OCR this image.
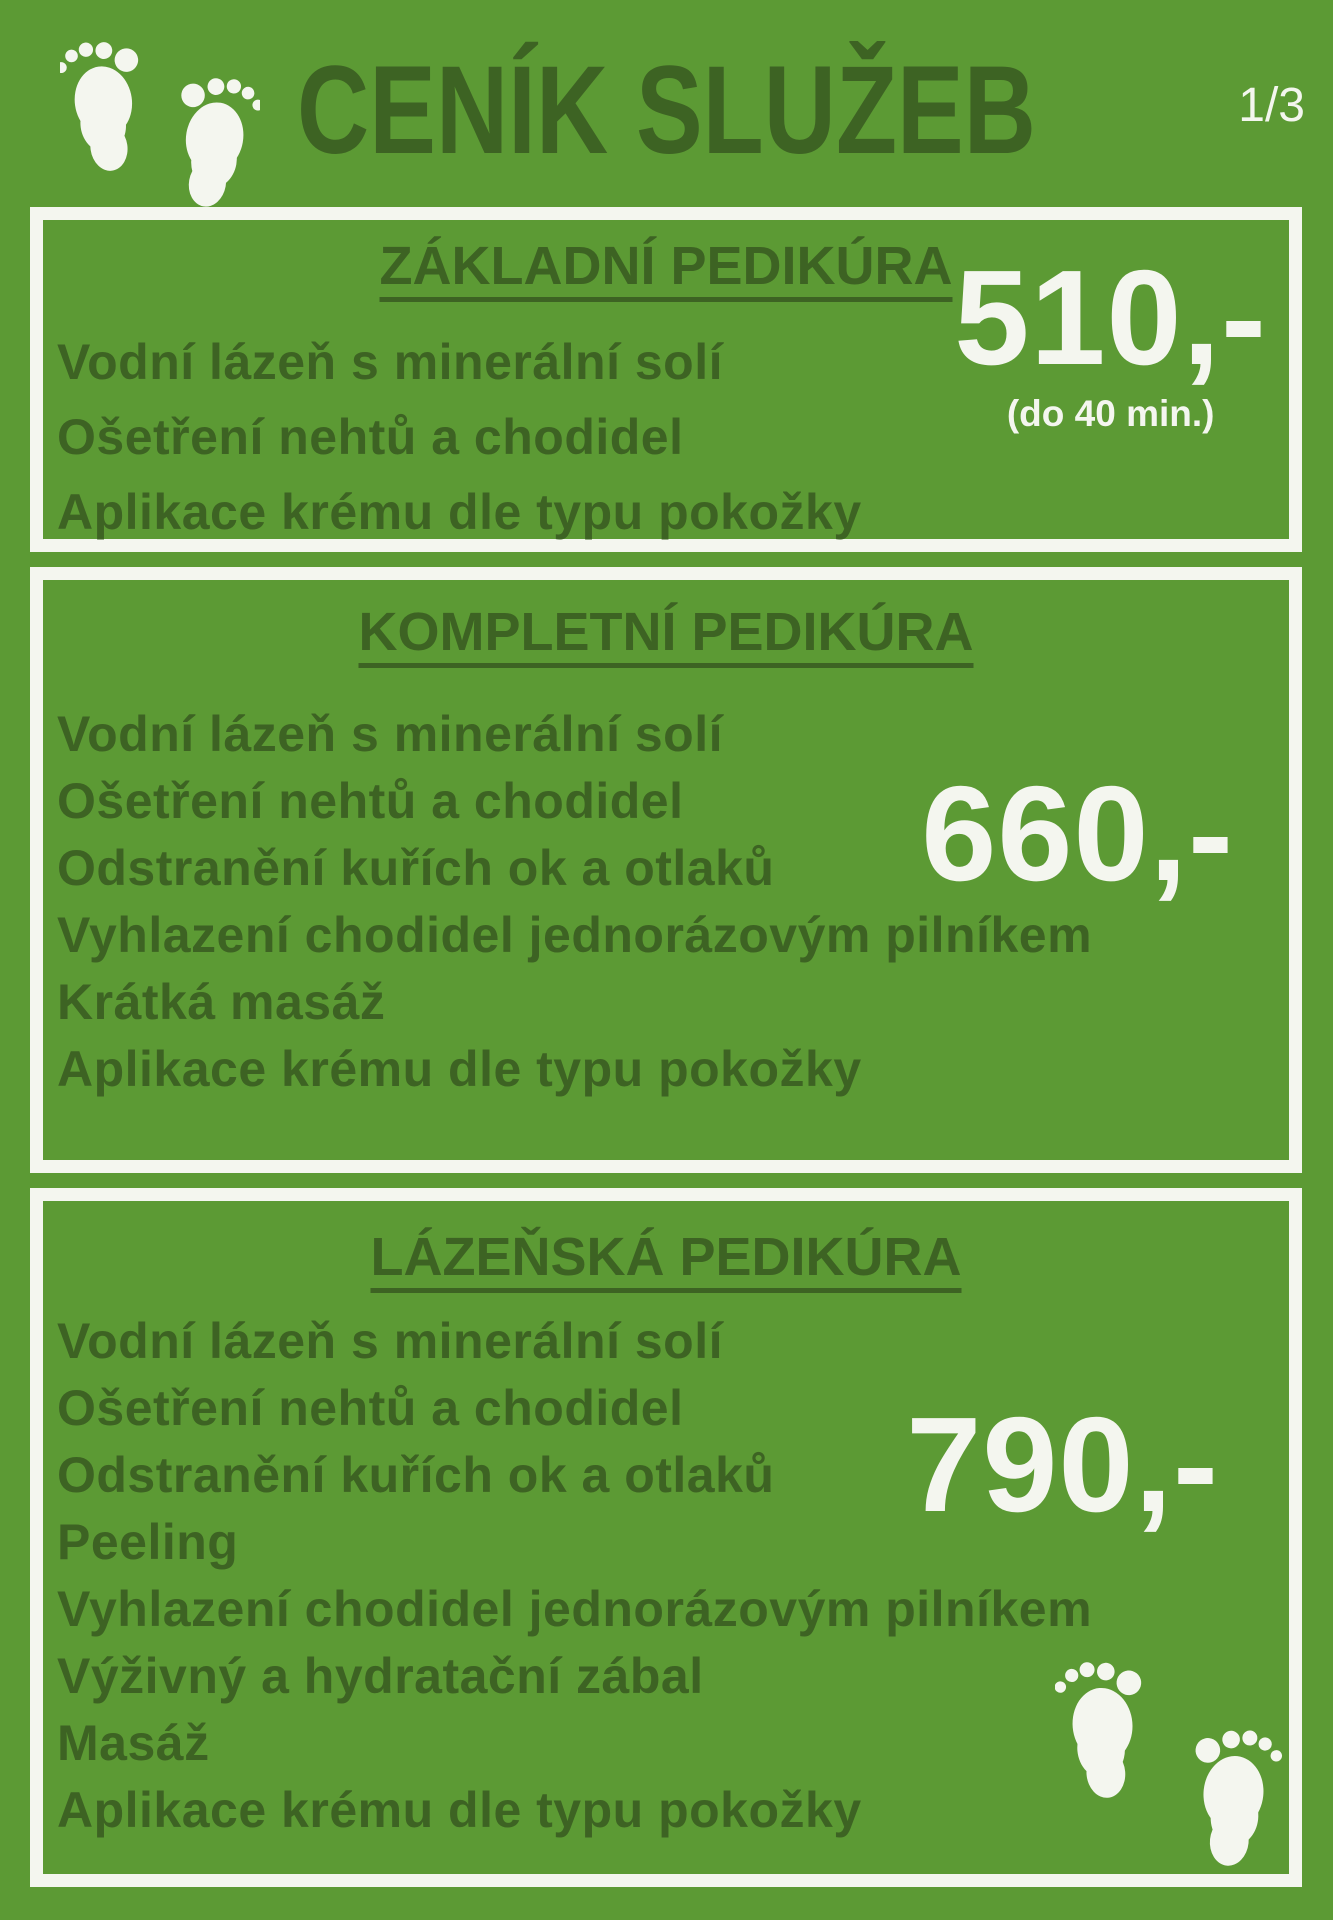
CENÍK SLUŽEB	1/3
ZÁKLADNÍ PEDIKÚRA
Vodní lázeň s minerální solí
Ošetření nehtů a chodidel
Aplikace krému dle typu pokožky
510,-
(do 40 min.)
KOMPLETNÍ PEDIKÚRA
Vodní lázeň s minerální solí
Ošetření nehtů a chodidel
Odstranění kuřích ok a otlaků
Vyhlazení chodidel jednorázovým pilníkem
Krátká masáž
Aplikace krému dle typu pokožky
660,-
LÁZEŇSKÁ PEDIKÚRA
Vodní lázeň s minerální solí
Ošetření nehtů a chodidel
Odstranění kuřích ok a otlaků
Peeling
Vyhlazení chodidel jednorázovým pilníkem
Výživný a hydratační zábal
Masáž
Aplikace krému dle typu pokožky
790,-
